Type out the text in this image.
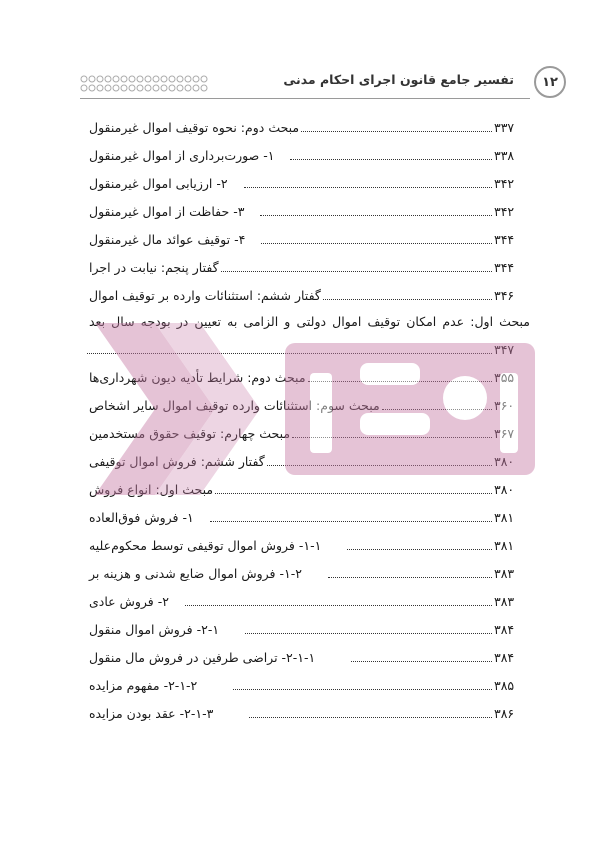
۱۲
تفسیر جامع قانون اجرای احکام مدنی
مبحث دوم: نحوه توقیف اموال غیرمنقول	۳۳۷
۱- صورت‌برداری از اموال غیرمنقول	۳۳۸
۲- ارزیابی اموال غیرمنقول	۳۴۲
۳- حفاظت از اموال غیرمنقول	۳۴۲
۴- توقیف عوائد مال غیرمنقول	۳۴۴
گفتار پنجم: نیابت در اجرا	۳۴۴
گفتار ششم: استثنائات وارده بر توقیف اموال	۳۴۶
مبحث اول: عدم امکان توقیف اموال دولتی و الزامی به تعیین در بودجه سال بعد
۳۴۷
مبحث دوم: شرایط تأدیه دیون شهرداری‌ها	۳۵۵
مبحث سوم: استثنائات وارده توقیف اموال سایر اشخاص	۳۶۰
مبحث چهارم: توقیف حقوق مستخدمین	۳۶۷
گفتار ششم: فروش اموال توقیفی	۳۸۰
مبحث اول: انواع فروش	۳۸۰
۱- فروش فوق‌العاده	۳۸۱
۱-۱- فروش اموال توقیفی توسط محکوم‌علیه	۳۸۱
۱-۲- فروش اموال ضایع شدنی و هزینه بر	۳۸۳
۲- فروش عادی	۳۸۳
۲-۱- فروش اموال منقول	۳۸۴
۲-۱-۱- تراضی طرفین در فروش مال منقول	۳۸۴
۲-۱-۲- مفهوم مزایده	۳۸۵
۲-۱-۳- عقد بودن مزایده	۳۸۶
